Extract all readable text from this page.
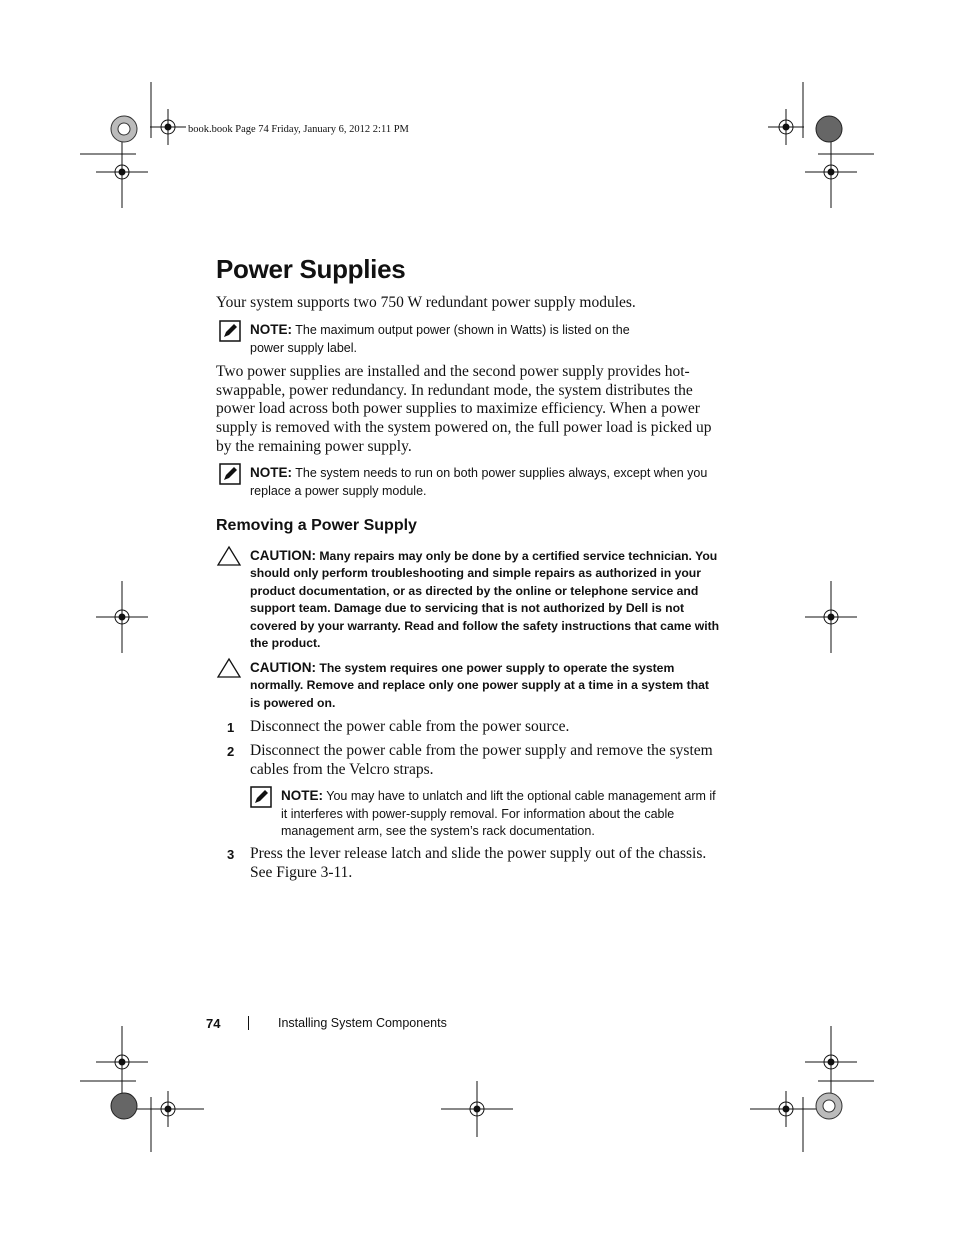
book.book Page 74 Friday, January 6, 2012 2:11 PM
Power Supplies

Your system supports two 750 W redundant power supply modules.

NOTE: The maximum output power (shown in Watts) is listed on the power supply label.

Two power supplies are installed and the second power supply provides hot-swappable, power redundancy. In redundant mode, the system distributes the power load across both power supplies to maximize efficiency. When a power supply is removed with the system powered on, the full power load is picked up by the remaining power supply.

NOTE: The system needs to run on both power supplies always, except when you replace a power supply module.

Removing a Power Supply

CAUTION: Many repairs may only be done by a certified service technician. You should only perform troubleshooting and simple repairs as authorized in your product documentation, or as directed by the online or telephone service and support team. Damage due to servicing that is not authorized by Dell is not covered by your warranty. Read and follow the safety instructions that came with the product.

CAUTION: The system requires one power supply to operate the system normally. Remove and replace only one power supply at a time in a system that is powered on.

1 Disconnect the power cable from the power source.

2 Disconnect the power cable from the power supply and remove the system cables from the Velcro straps.

NOTE: You may have to unlatch and lift the optional cable management arm if it interferes with power-supply removal. For information about the cable management arm, see the system’s rack documentation.

3 Press the lever release latch and slide the power supply out of the chassis. See Figure 3-11.

74	Installing System Components
